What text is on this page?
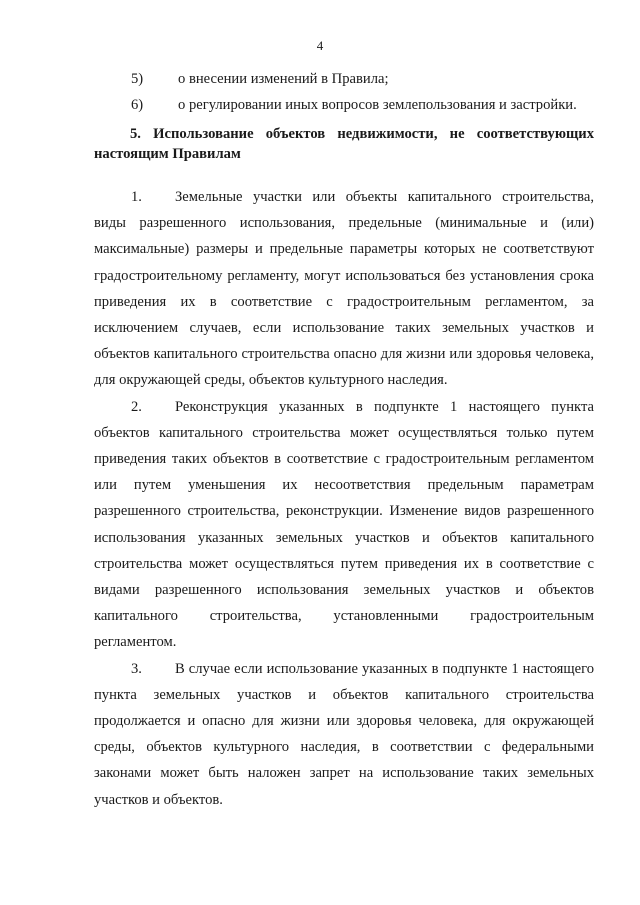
4
5)	о внесении изменений в Правила;
6)	о регулировании иных вопросов землепользования и застройки.
5. Использование объектов недвижимости, не соответствующих
настоящим Правилам

1. Земельные участки или объекты капитального строительства, виды разрешенного использования, предельные (минимальные и (или) максимальные) размеры и предельные параметры которых не соответствуют градостроительному регламенту, могут использоваться без установления срока приведения их в соответствие с градостроительным регламентом, за исключением случаев, если использование таких земельных участков и объектов капитального строительства опасно для жизни или здоровья человека, для окружающей среды, объектов культурного наследия.

2. Реконструкция указанных в подпункте 1 настоящего пункта объектов капитального строительства может осуществляться только путем приведения таких объектов в соответствие с градостроительным регламентом или путем уменьшения их несоответствия предельным параметрам разрешенного строительства, реконструкции. Изменение видов разрешенного использования указанных земельных участков и объектов капитального строительства может осуществляться путем приведения их в соответствие с видами разрешенного использования земельных участков и объектов капитального строительства, установленными градостроительным регламентом.

3. В случае если использование указанных в подпункте 1 настоящего пункта земельных участков и объектов капитального строительства продолжается и опасно для жизни или здоровья человека, для окружающей среды, объектов культурного наследия, в соответствии с федеральными законами может быть наложен запрет на использование таких земельных участков и объектов.
